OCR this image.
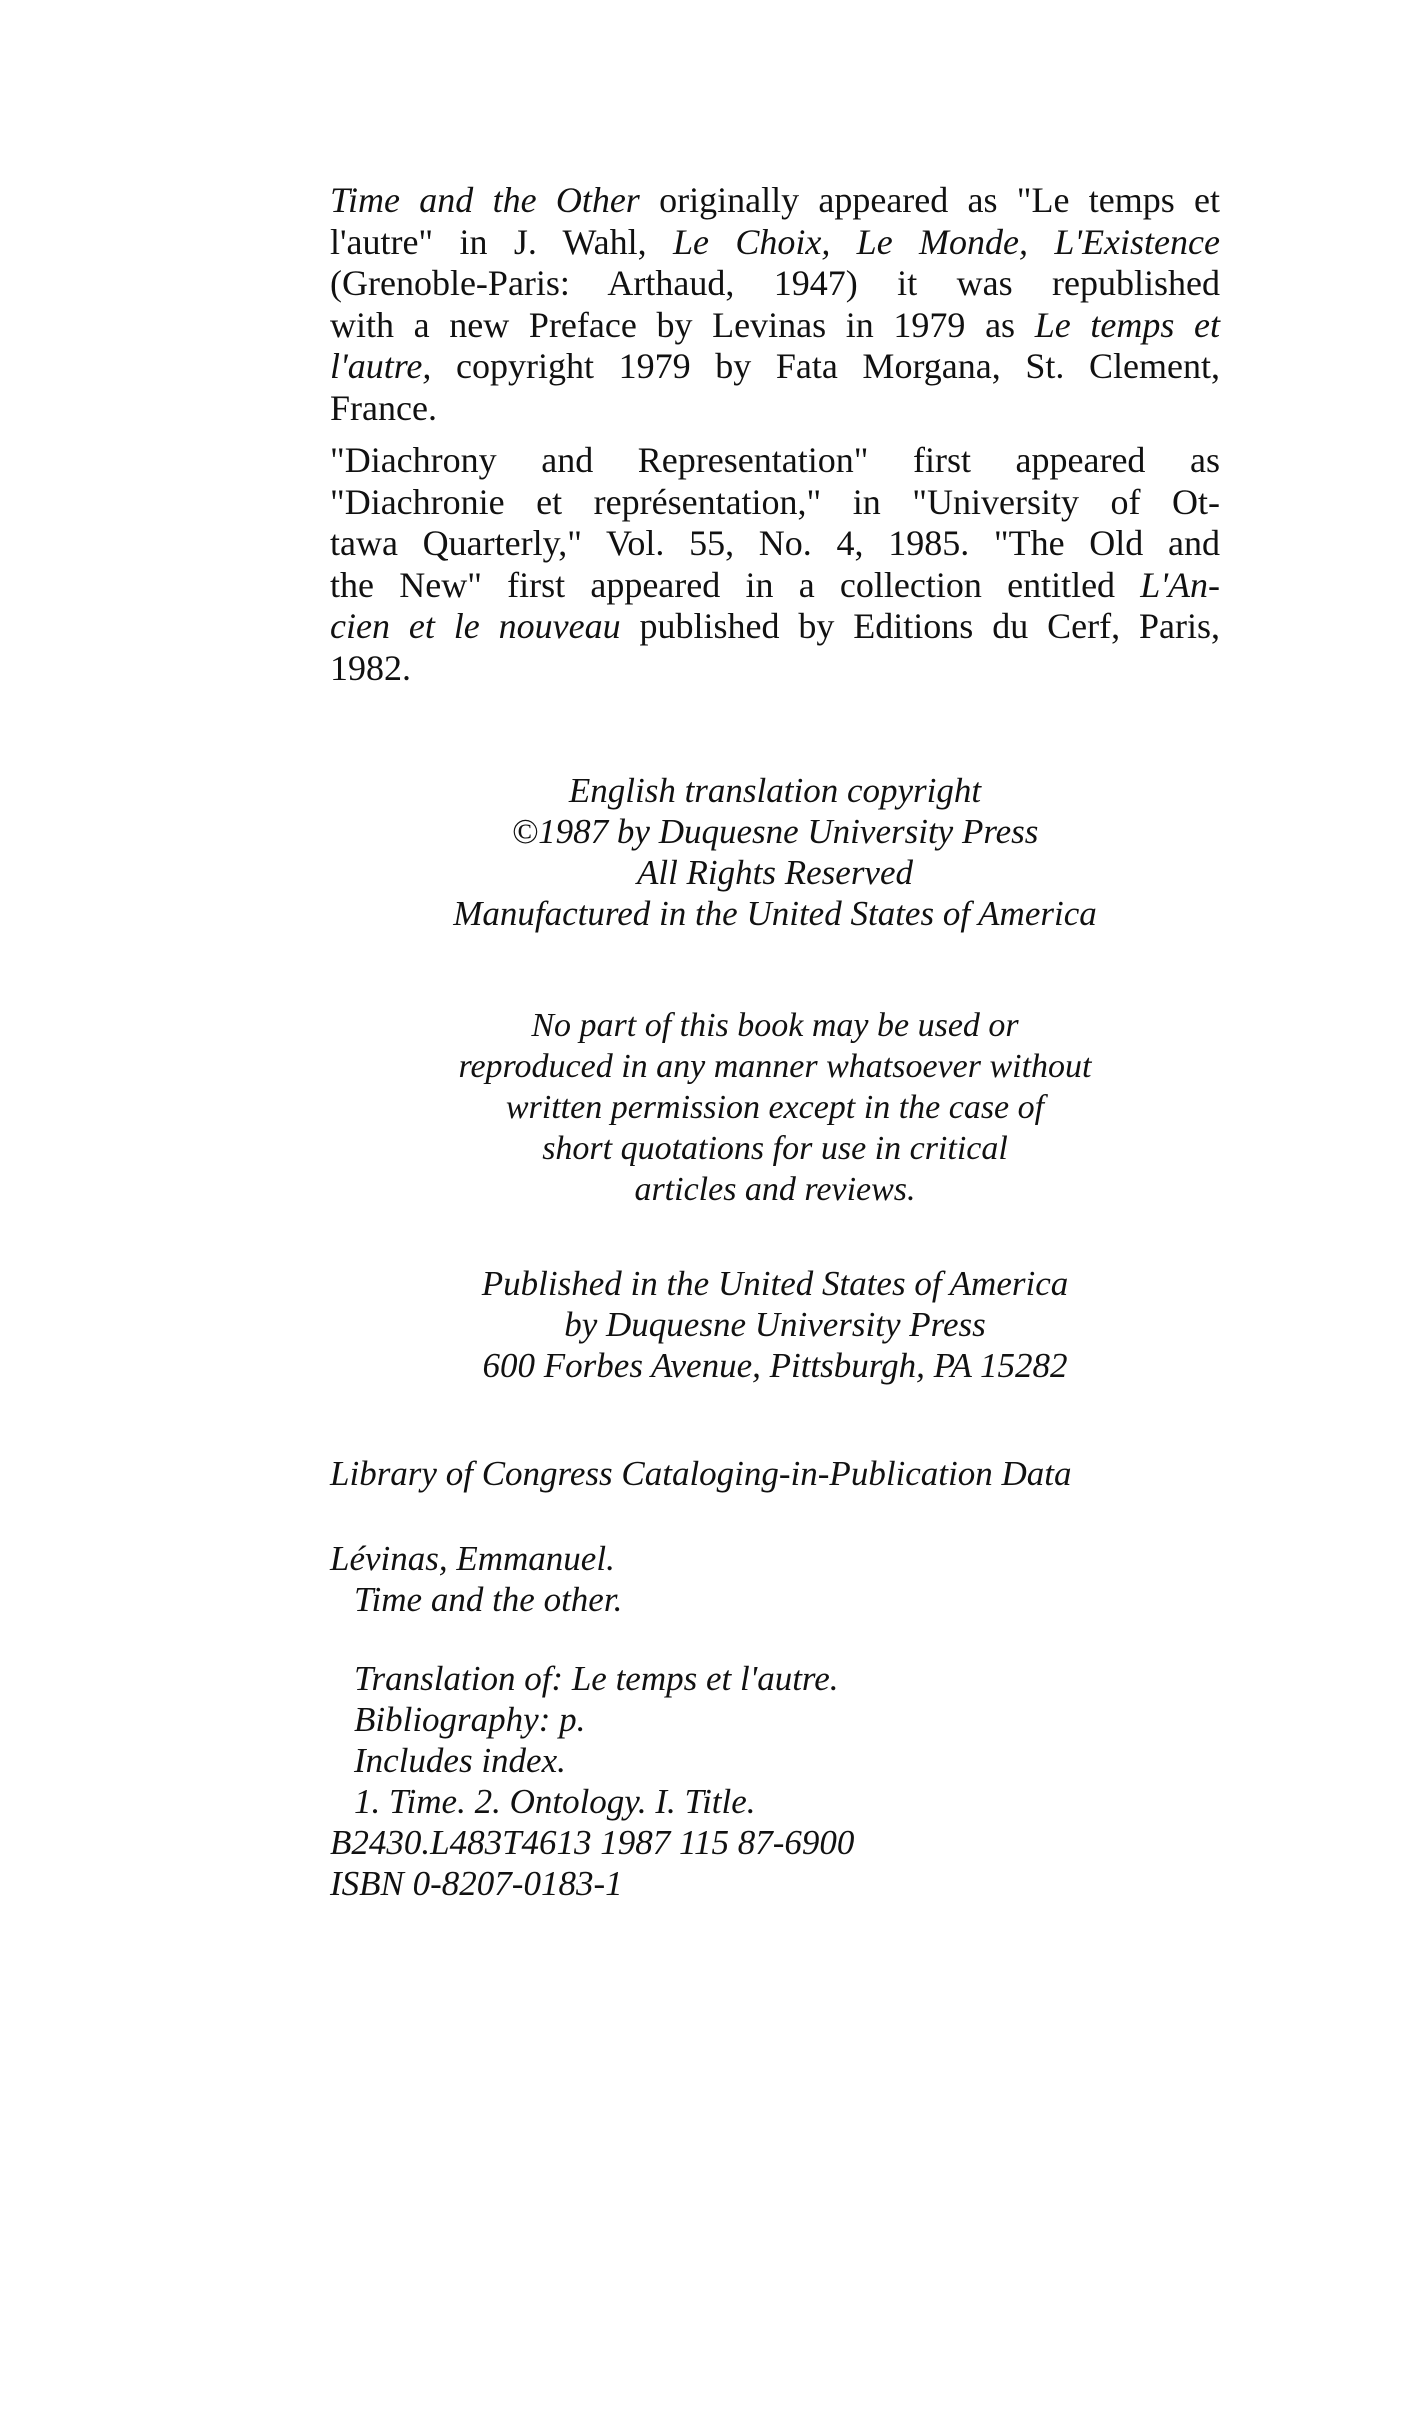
Time and the Other originally appeared as "Le temps et
l'autre" in J. Wahl, Le Choix, Le Monde, L'Existence
(Grenoble-Paris: Arthaud, 1947) it was republished
with a new Preface by Levinas in 1979 as Le temps et
l'autre, copyright 1979 by Fata Morgana, St. Clement,
France.
"Diachrony and Representation" first appeared as
"Diachronie et représentation," in "University of Ot-
tawa Quarterly," Vol. 55, No. 4, 1985. "The Old and
the New" first appeared in a collection entitled L'An-
cien et le nouveau published by Editions du Cerf, Paris,
1982.
English translation copyright
©1987 by Duquesne University Press
All Rights Reserved
Manufactured in the United States of America
No part of this book may be used or
reproduced in any manner whatsoever without
written permission except in the case of
short quotations for use in critical
articles and reviews.
Published in the United States of America
by Duquesne University Press
600 Forbes Avenue, Pittsburgh, PA 15282
Library of Congress Cataloging-in-Publication Data
Lévinas, Emmanuel.
Time and the other.
Translation of: Le temps et l'autre.
Bibliography: p.
Includes index.
1. Time. 2. Ontology. I. Title.
B2430.L483T4613 1987 115 87-6900
ISBN 0-8207-0183-1
